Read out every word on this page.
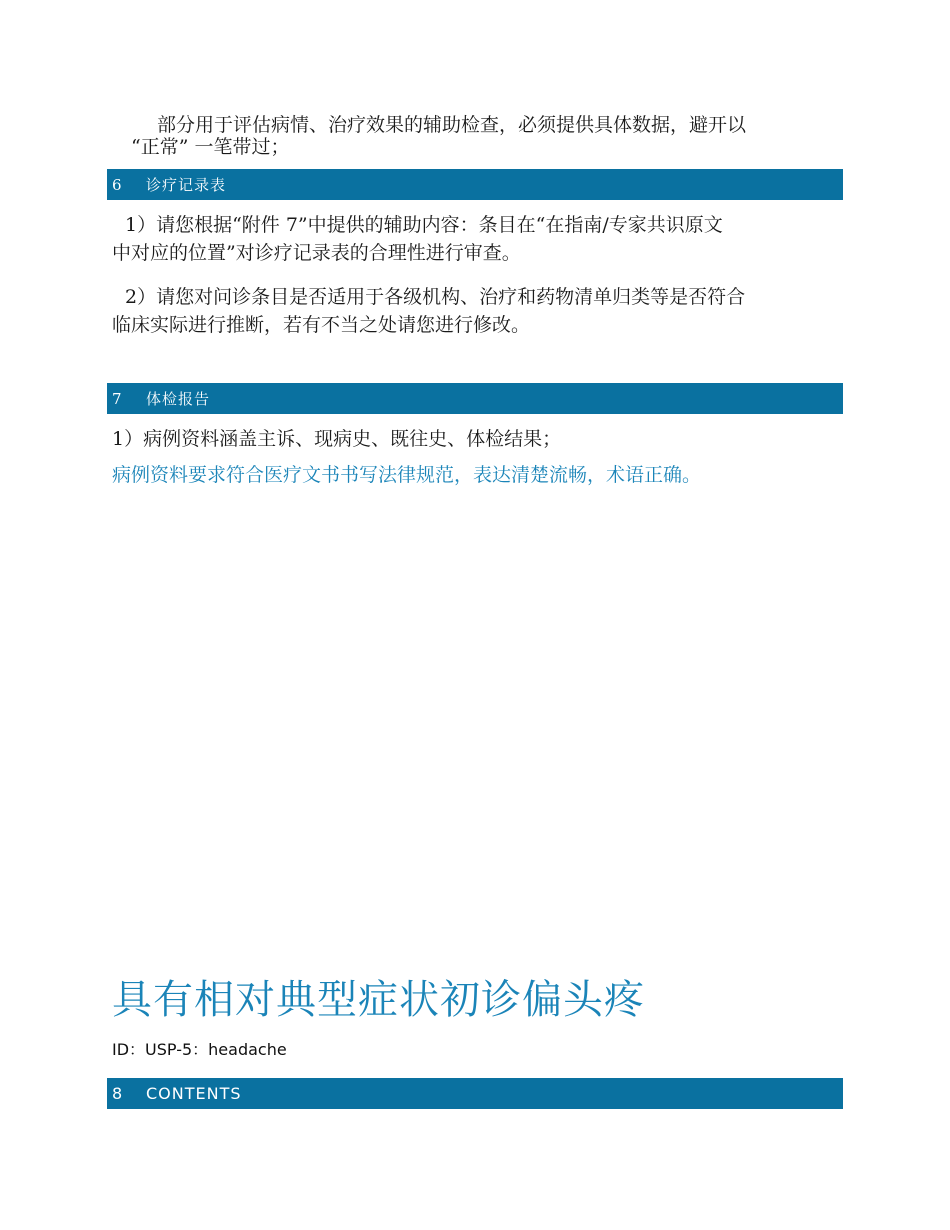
部分用于评估病情、治疗效果的辅助检查，必须提供具体数据，避开以

“正常” 一笔带过；

6	诊疗记录表

1）请您根据“附件 7”中提供的辅助内容：条目在“在指南/专家共识原文

中对应的位置”对诊疗记录表的合理性进行审查。

2）请您对问诊条目是否适用于各级机构、治疗和药物清单归类等是否符合

临床实际进行推断，若有不当之处请您进行修改。

7	体检报告

1）病例资料涵盖主诉、现病史、既往史、体检结果；

病例资料要求符合医疗文书书写法律规范，表达清楚流畅，术语正确。

具有相对典型症状初诊偏头疼
ID：USP-5：headache
8	CONTENTS
